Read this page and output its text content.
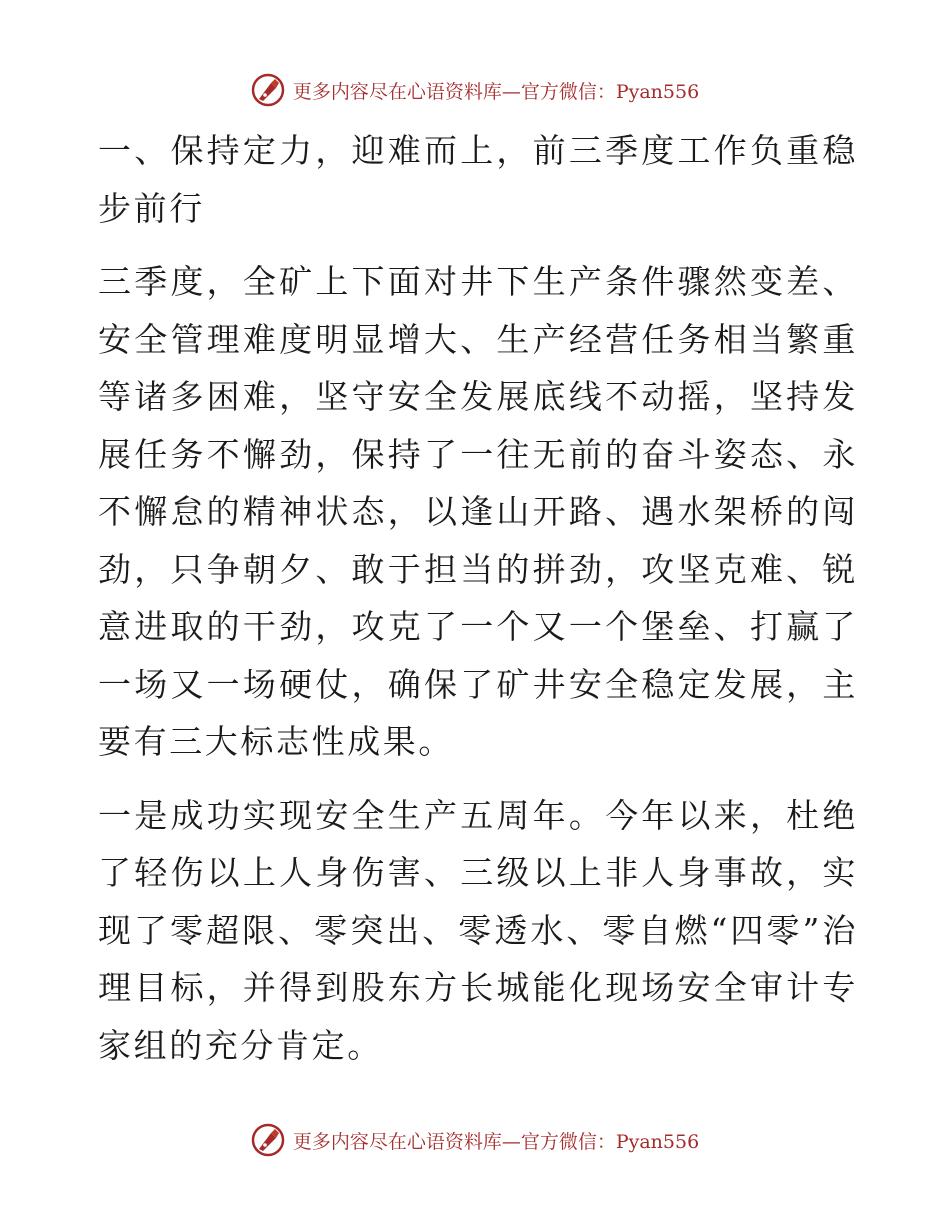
更多内容尽在心语资料库—官方微信：Pyan556

一、保持定力，迎难而上，前三季度工作负重稳步前行

三季度，全矿上下面对井下生产条件骤然变差、安全管理难度明显增大、生产经营任务相当繁重等诸多困难，坚守安全发展底线不动摇，坚持发展任务不懈劲，保持了一往无前的奋斗姿态、永不懈怠的精神状态，以逢山开路、遇水架桥的闯劲，只争朝夕、敢于担当的拼劲，攻坚克难、锐意进取的干劲，攻克了一个又一个堡垒、打赢了一场又一场硬仗，确保了矿井安全稳定发展，主要有三大标志性成果。

一是成功实现安全生产五周年。今年以来，杜绝了轻伤以上人身伤害、三级以上非人身事故，实现了零超限、零突出、零透水、零自燃“四零”治理目标，并得到股东方长城能化现场安全审计专家组的充分肯定。

更多内容尽在心语资料库—官方微信：Pyan556
